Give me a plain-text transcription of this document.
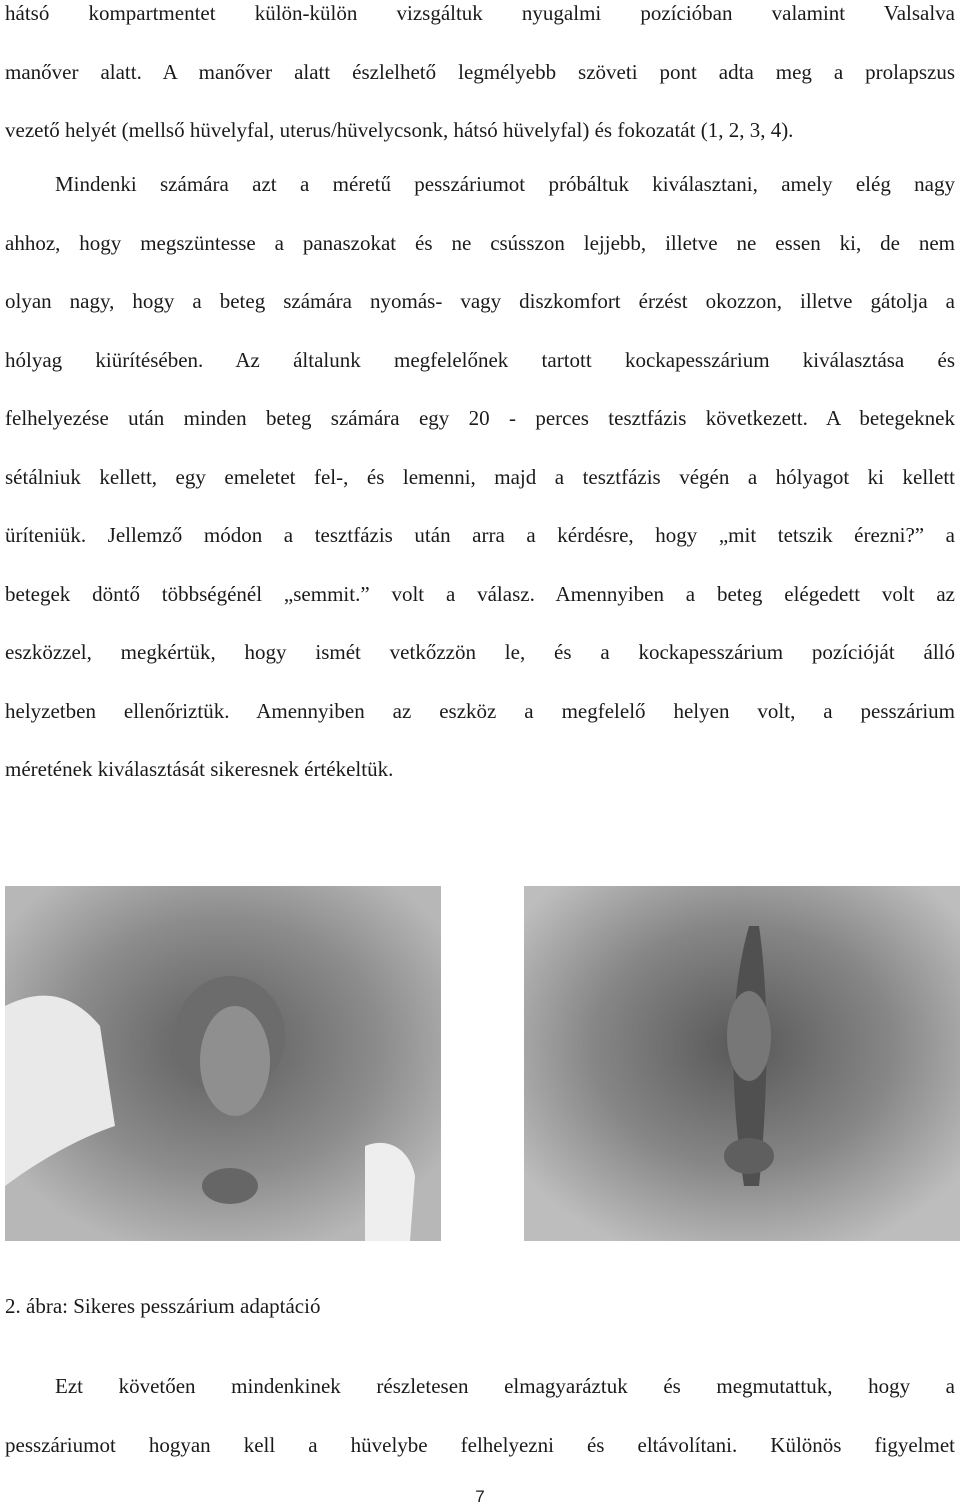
hátsó kompartmentet külön-külön vizsgáltuk nyugalmi pozícióban valamint Valsalva
manőver alatt. A manőver alatt észlelhető legmélyebb szöveti pont adta meg a prolapszus
vezető helyét (mellső hüvelyfal, uterus/hüvelycsonk, hátsó hüvelyfal) és fokozatát (1, 2, 3, 4).
Mindenki számára azt a méretű pesszáriumot próbáltuk kiválasztani, amely elég nagy
ahhoz, hogy megszüntesse a panaszokat és ne csússzon lejjebb, illetve ne essen ki, de nem
olyan nagy, hogy a beteg számára nyomás- vagy diszkomfort érzést okozzon, illetve gátolja a
hólyag kiürítésében. Az általunk megfelelőnek tartott kockapesszárium kiválasztása és
felhelyezése után minden beteg számára egy 20 - perces tesztfázis következett. A betegeknek
sétálniuk kellett, egy emeletet fel-, és lemenni, majd a tesztfázis végén a hólyagot ki kellett
üríteniük. Jellemző módon a tesztfázis után arra a kérdésre, hogy „mit tetszik érezni?” a
betegek döntő többségénél „semmit.” volt a válasz. Amennyiben a beteg elégedett volt az
eszközzel, megkértük, hogy ismét vetkőzzön le, és a kockapesszárium pozícióját álló
helyzetben ellenőriztük. Amennyiben az eszköz a megfelelő helyen volt, a pesszárium
méretének kiválasztását sikeresnek értékeltük.

2. ábra: Sikeres pesszárium adaptáció

Ezt követően mindenkinek részletesen elmagyaráztuk és megmutattuk, hogy a
pesszáriumot hogyan kell a hüvelybe felhelyezni és eltávolítani. Különös figyelmet
7
